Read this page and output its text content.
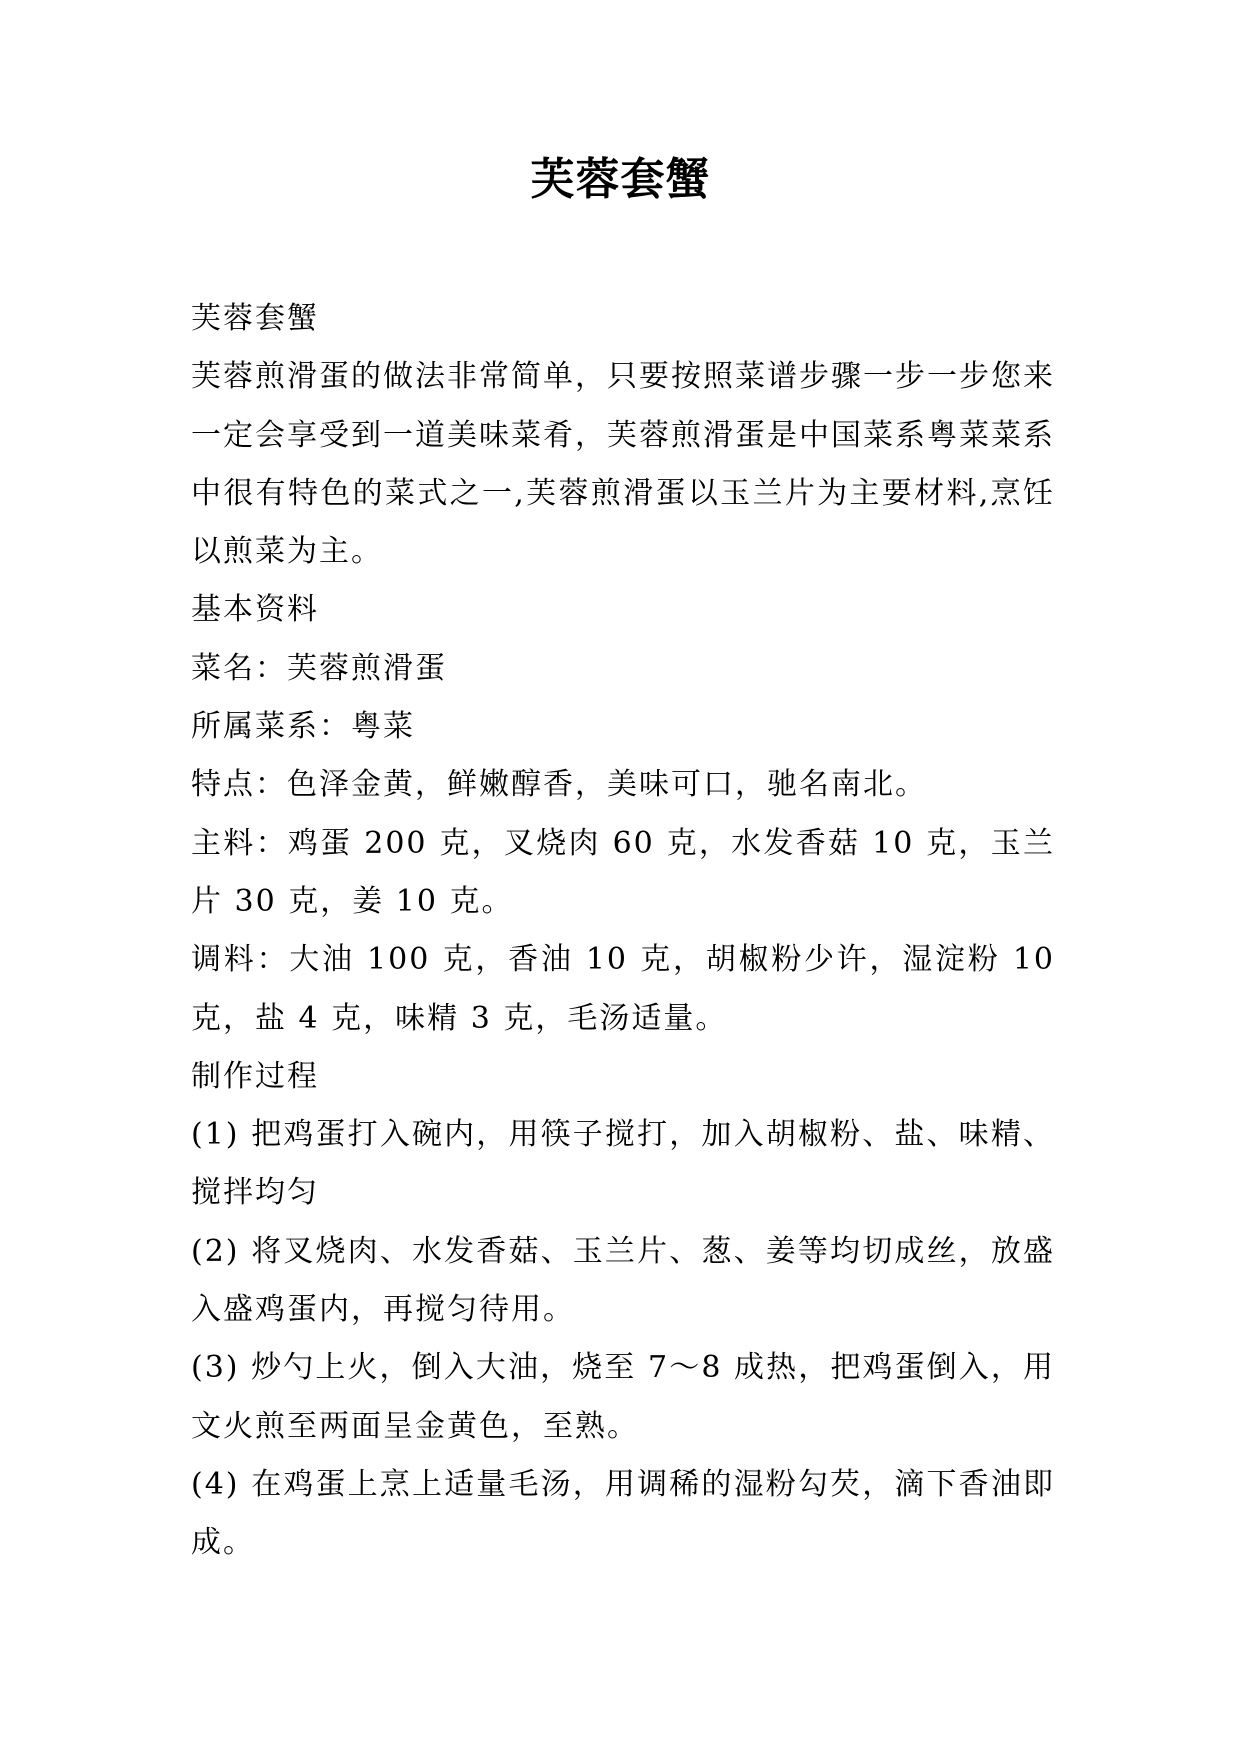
芙蓉套蟹

芙蓉套蟹

芙蓉煎滑蛋的做法非常简单，只要按照菜谱步骤一步一步您来一定会享受到一道美味菜肴，芙蓉煎滑蛋是中国菜系粤菜菜系中很有特色的菜式之一,芙蓉煎滑蛋以玉兰片为主要材料,烹饪以煎菜为主。

基本资料

菜名：芙蓉煎滑蛋

所属菜系：粤菜

特点：色泽金黄，鲜嫩醇香，美味可口，驰名南北。

主料：鸡蛋 200 克，叉烧肉 60 克，水发香菇 10 克，玉兰片 30 克，姜 10 克。

调料：大油 100 克，香油 10 克，胡椒粉少许，湿淀粉 10 克，盐 4 克，味精 3 克，毛汤适量。

制作过程

(1) 把鸡蛋打入碗内，用筷子搅打，加入胡椒粉、盐、味精、搅拌均匀

(2) 将叉烧肉、水发香菇、玉兰片、葱、姜等均切成丝，放盛入盛鸡蛋内，再搅匀待用。

(3) 炒勺上火，倒入大油，烧至 7～8 成热，把鸡蛋倒入，用文火煎至两面呈金黄色，至熟。

(4) 在鸡蛋上烹上适量毛汤，用调稀的湿粉勾芡，滴下香油即成。
